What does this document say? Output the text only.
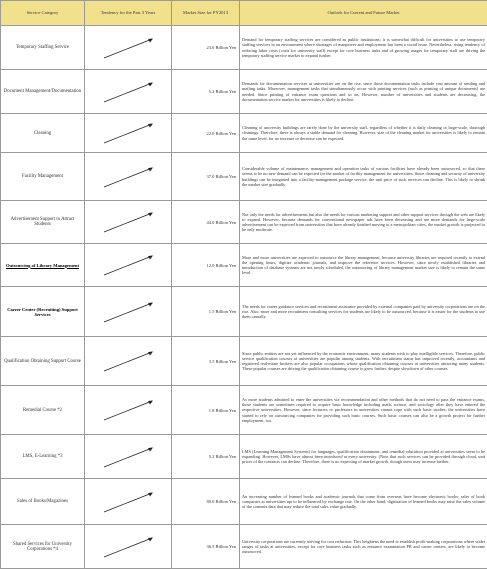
Service Category	Tendency for the Past 3 Years	Market Size for FY2013	Outlook for Current and Future Market
Temporary Staffing Service		23.0 Billion Yen	Demand for temporary staffing services are considered as public institutions; it is somewhat difficult for universities to use temporary staffing services in an environment where shortages of manpower and employment has been a social issue. Nevertheless, rising tendency of reducing labor costs (costs for university staff) except for core business tasks and of growing usages for temporary staff are driving the temporary staffing service market to expand further.
Document Management/Documentation		5.2 Billion Yen	Demands for documentation services at universities are on the rise, since those documentation tasks include vast amount of sending and mailing tasks. Moreover, management tasks that simultaneously occur with printing services (such as printing of unique documents) are needed. Since printing of entrance exam questions and so on, However, number of universities and students are decreasing, the documentation service market for universities is likely to decline.
Cleaning		22.0 Billion Yen	Cleaning of university buildings are rarely done by the university staff, regardless of whether it is daily cleaning or large-scale, thorough cleanings. Therefore, there is always a stable demand for cleaning. However, size of the cleaning market for universities is likely to remain the same level, for no increase or decrease can be expected.
Facility Management		37.0 Billion Yen	Considerable volume of maintenance, management and operation tasks of various facilities have already been outsourced, so that there seems to be no new demand can be expected for the market of facility management for universities. Since cleaning and security of university buildings can be integrated into a facility-management package service, the unit price of such services can decline. This is likely to shrink the market size gradually.
Advertisement Support to Attract Students		44.0 Billion Yen	Not only the needs for advertisements but also the needs for various marketing support and other support services through the web are likely to expand. However, because demands for conventional newspaper ads have been decreasing and are more demands for large-scale advertisement can be expected from universities that have already finished moving to a metropolitan cities, the market growth is projected to be only moderate.
Outsourcing of Library Management		12.0 Billion Yen	More and more universities are expected to outsource the library management, because university libraries are required recently to extend the opening hours, digitize academic journals, and improve the reference services. However, since newly established libraries and introduction of database systems are not newly scheduled, the outsourcing of library management market size is likely to remain the same level.
Career Center (Recruiting) Support Services		1.5 Billion Yen	The needs for career guidance services and recruitment assistance provided by external companies paid by university corporations are on the rise. Also, more and more recruitment consulting services for students are likely to be outsourced, because it is easier for the students to use them casually.
Qualification Obtaining Support Course		3.5 Billion Yen	Since public entities are not yet influenced by the economic environment, many students wish to play intelligible services. Therefore, public service qualification courses at universities are popular among students. With recruitment status has improved recently, accountants and registered real-estate brokers are also popular occupations whose qualification obtaining courses at universities attracting many students. These popular courses are driving the qualification obtaining course to grow further, despite slowdown of other courses.
Remedial Course *2		1.8 Billion Yen	As more students admitted to enter the universities via recommendation and other methods that do not need to pass the entrance exams, those students are sometimes required to acquire basic knowledge including math, science, and sociology after they have entered the respective universities. However, since lecturers or professors in universities cannot cope with such basic studies, the universities have started to rely on outsourcing companies for providing such basic courses. Such basic courses can also be a growth project for further employment, too.
LMS, E-Learning *3		5.2 Billion Yen	LMS (Learning Management Systems) for languages, qualification obtainment, and remedial education provided at universities seem to be expanding. However, LMSs have almost been introduced at every university. (Note that such services can be provided through cloud, unit prices of the contracts can decline. Therefore, there is no expecting of market growth, though users may increase further.
Sales of Books/Magazines		80.0 Billion Yen	An increasing number of learned books and academic journals that come from overseas have become electronic books; sales of book companies at universities apt to be influenced by exchange rate. On the other hand, digitization of learned books may raise the sales volume of the contents data that may reduce the total sales value gradually.
Shared Services for University Corporations *4		36.5 Billion Yen	University corporations are currently striving for cost reduction. This heightens the need to establish profit-making corporations where wider ranges of tasks at universities, except for core business tasks such as entrance examination PR and career centers, are likely to become outsourced.
